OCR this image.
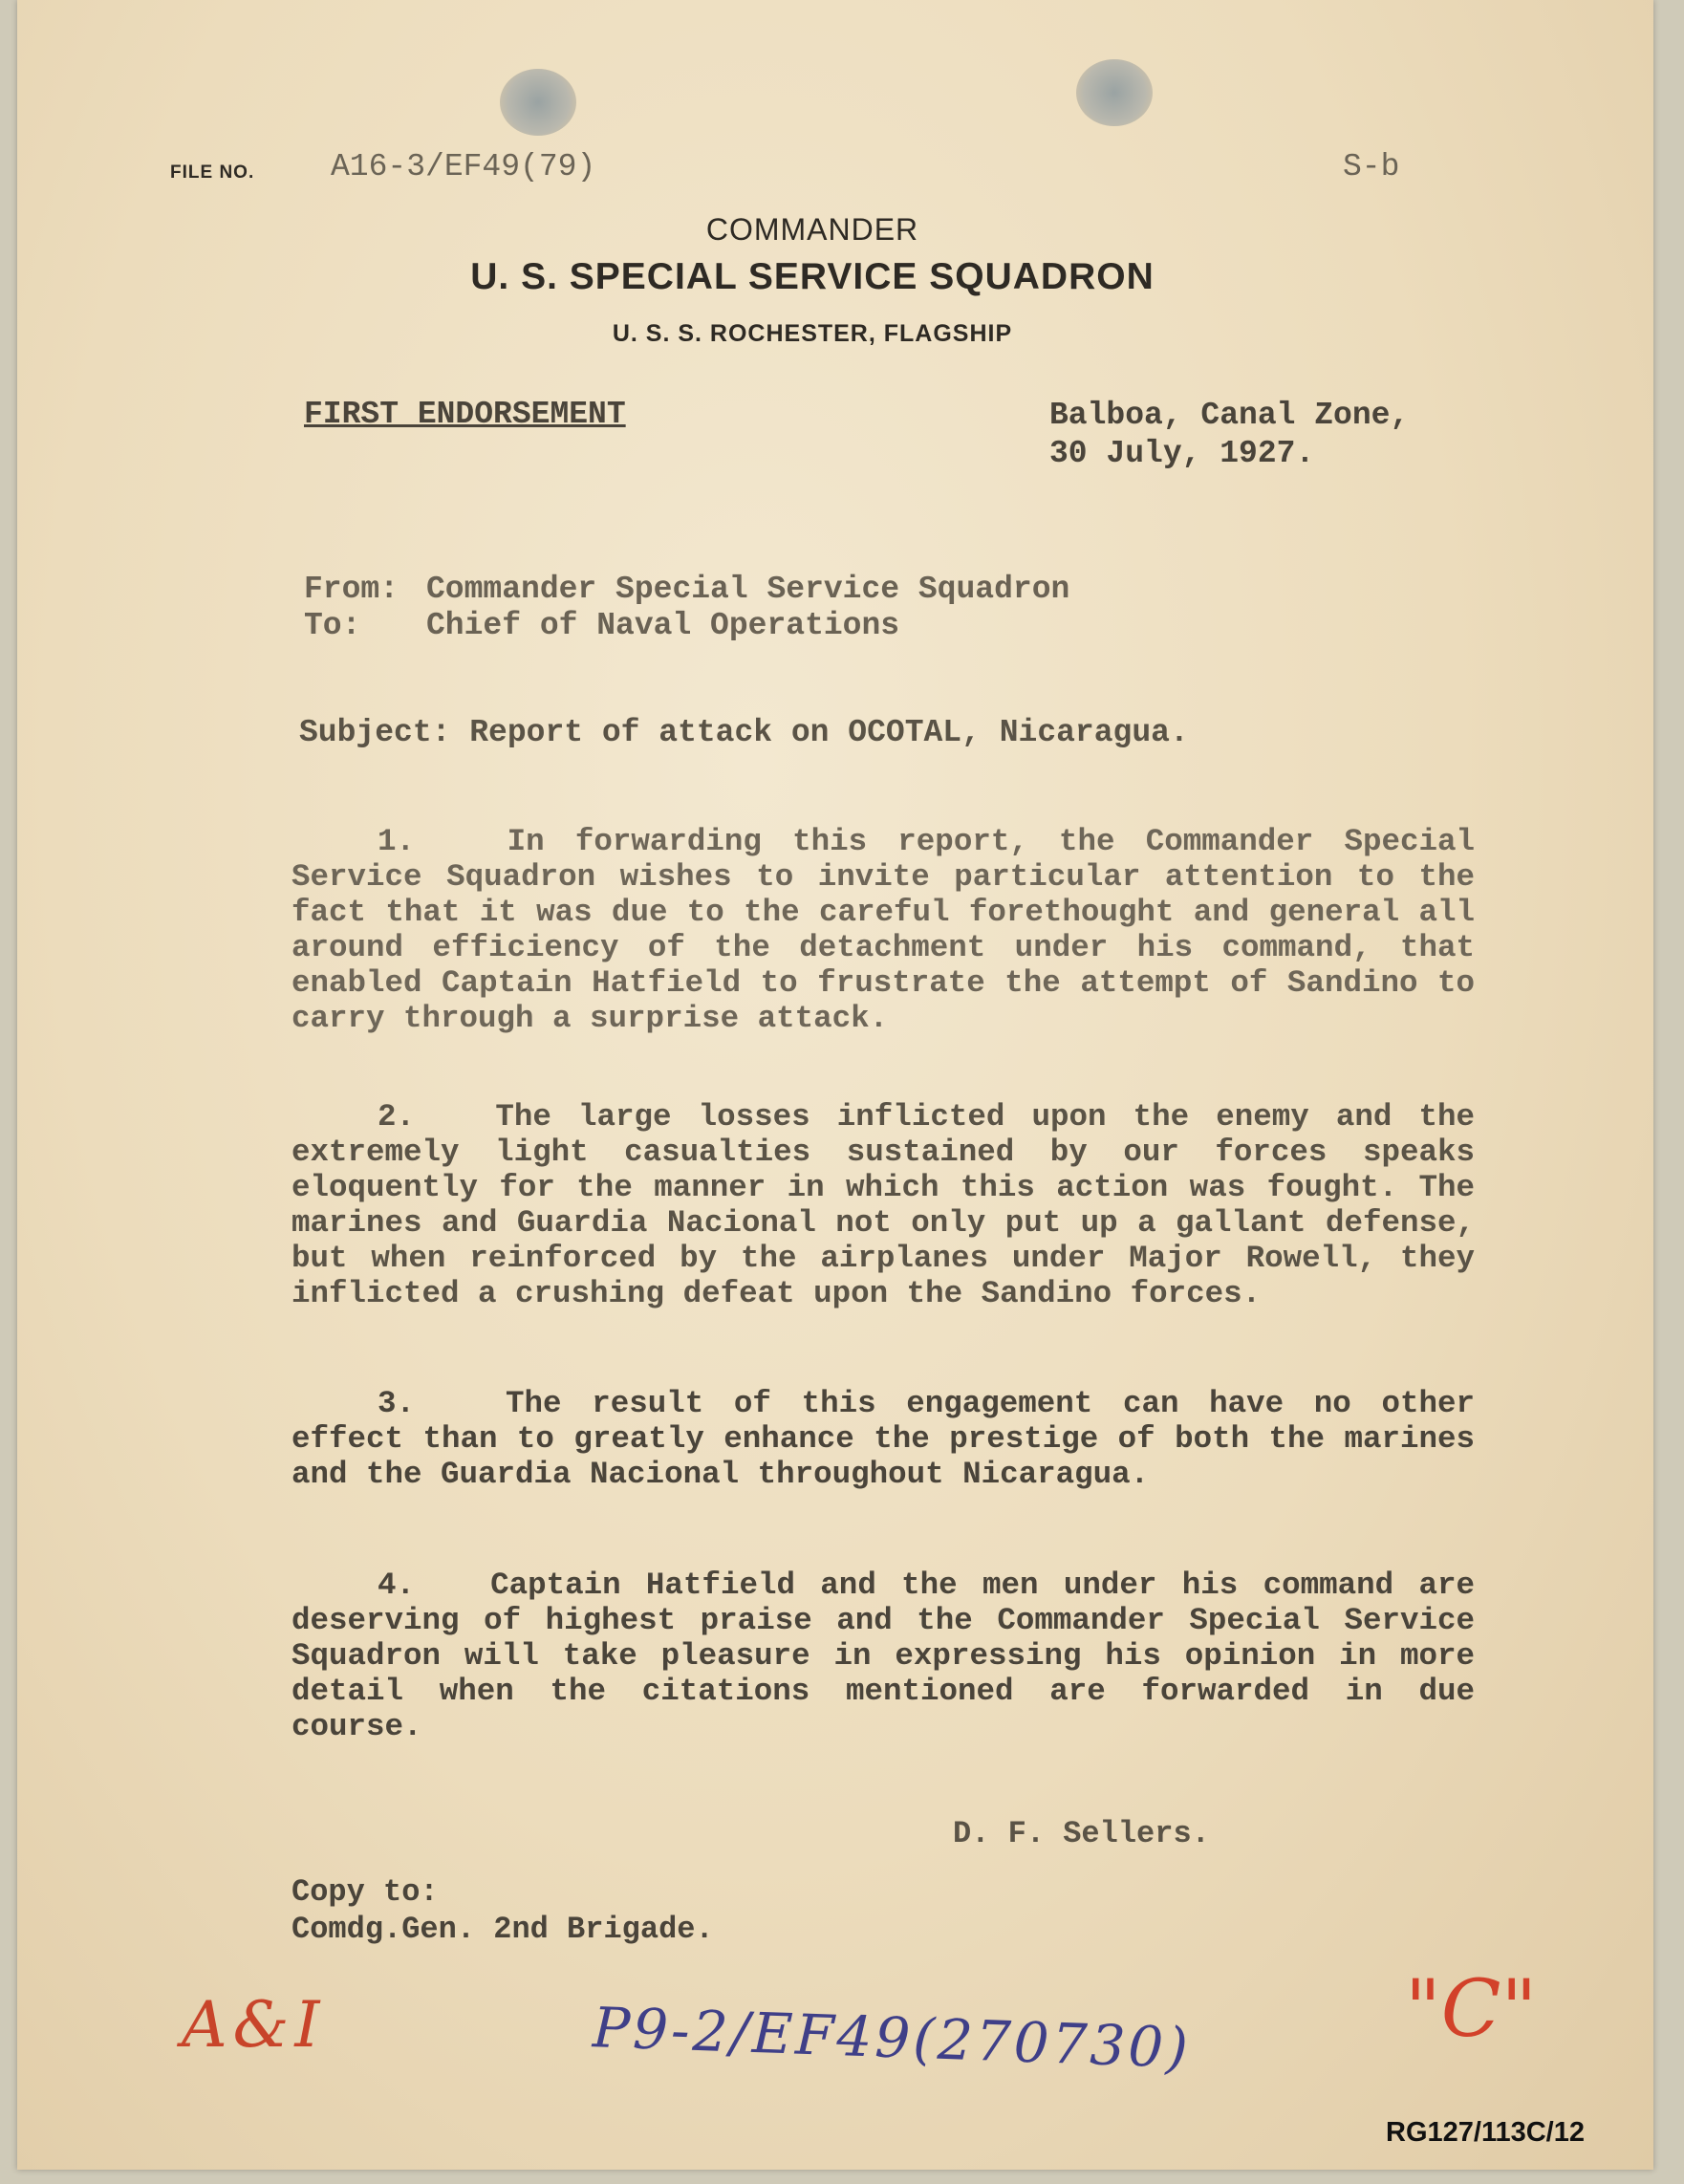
FILE NO. A16-3/EF49(79)	S-b
COMMANDER
U. S. SPECIAL SERVICE SQUADRON
U. S. S. ROCHESTER, FLAGSHIP
FIRST ENDORSEMENT	Balboa, Canal Zone,
30 July, 1927.
From: Commander Special Service Squadron
To: Chief of Naval Operations
Subject: Report of attack on OCOTAL, Nicaragua.
1.	In forwarding this report, the Commander Special Service Squadron wishes to invite particular attention to the fact that it was due to the careful forethought and general all around efficiency of the detachment under his command, that enabled Captain Hatfield to frustrate the attempt of Sandino to carry through a surprise attack.
2.	The large losses inflicted upon the enemy and the extremely light casualties sustained by our forces speaks eloquently for the manner in which this action was fought. The marines and Guardia Nacional not only put up a gallant defense, but when reinforced by the airplanes under Major Rowell, they inflicted a crushing defeat upon the Sandino forces.
3.	The result of this engagement can have no other effect than to greatly enhance the prestige of both the marines and the Guardia Nacional throughout Nicaragua.
4. Captain Hatfield and the men under his command are deserving of highest praise and the Commander Special Service Squadron will take pleasure in expressing his opinion in more detail when the citations mentioned are forwarded in due course.
D. F. Sellers.
Copy to:
Comdg.Gen. 2nd Brigade.
A&I	P9-2/EF49(270730)	"C"
RG127/113C/12
